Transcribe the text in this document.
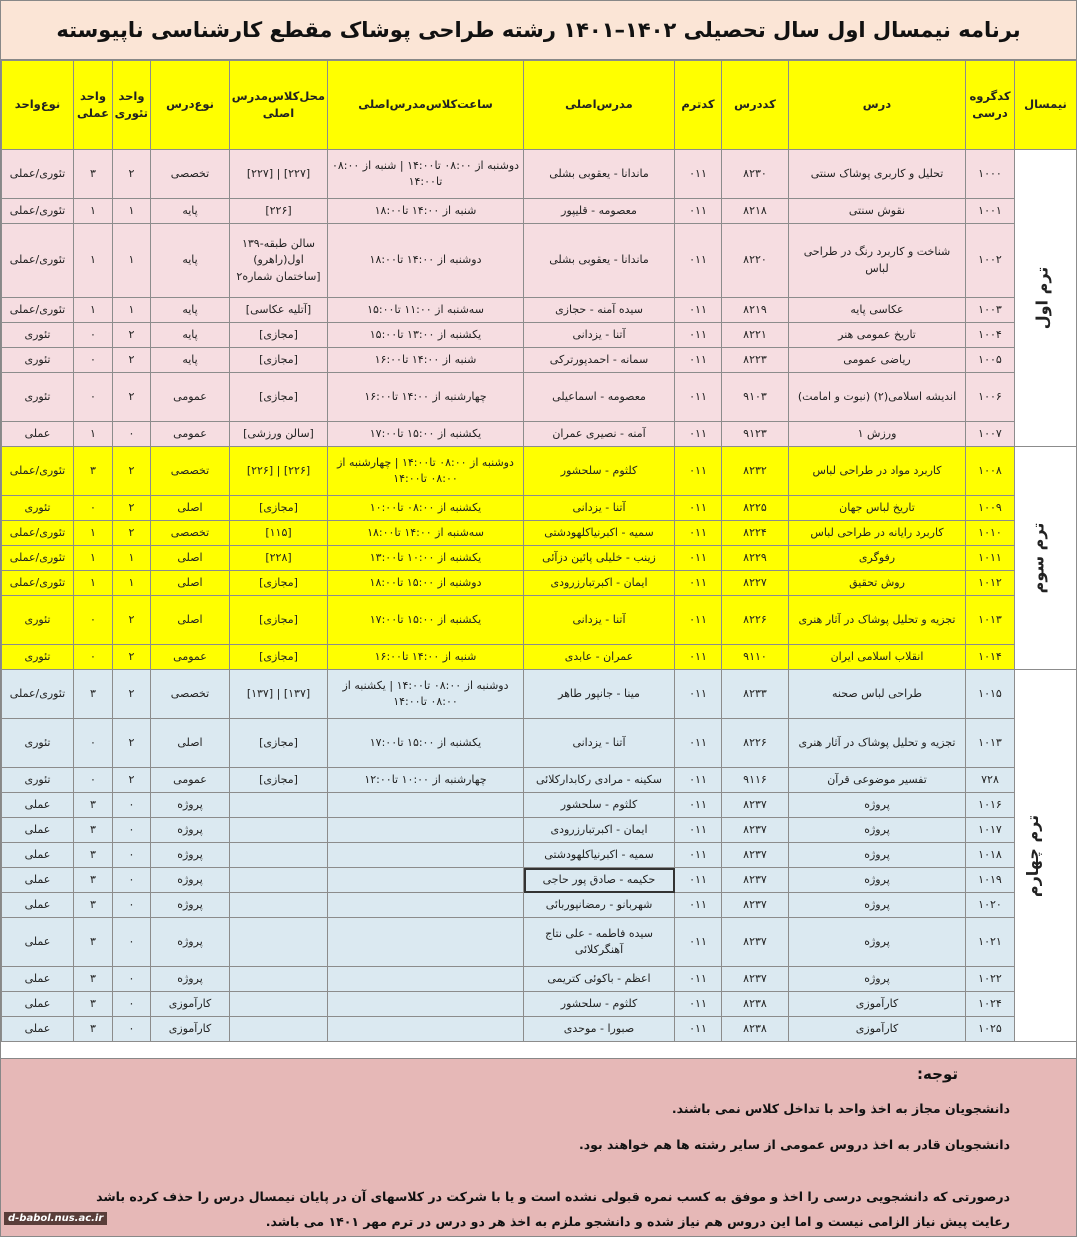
برنامه نیمسال اول سال تحصیلی ۱۴۰۲–۱۴۰۱ رشته طراحی پوشاک مقطع کارشناسی ناپیوسته
نیمسال	کدگروه درسی	درس	کددرس	کدترم	مدرس‌اصلی	ساعت‌کلاس‌مدرس‌اصلی	محل‌کلاس‌مدرس اصلی	نوع‌درس	واحد تئوری	واحد عملی	نوع‌واحد
ترم اول	۱۰۰۰	تحلیل و کاربری پوشاک سنتی	۸۲۳۰	۰۱۱	ماندانا - یعقوبی بشلی	دوشنبه از ۰۸:۰۰ تا۱۴:۰۰ | شنبه از ۰۸:۰۰ تا۱۴:۰۰	[۲۲۷] | [۲۲۷]	تخصصی	۲	۳	تئوری/عملی
	۱۰۰۱	نقوش سنتی	۸۲۱۸	۰۱۱	معصومه - قلیپور	شنبه از ۱۴:۰۰ تا۱۸:۰۰	[۲۲۶]	پایه	۱	۱	تئوری/عملی
	۱۰۰۲	شناخت و کاربرد رنگ در طراحی لباس	۸۲۲۰	۰۱۱	ماندانا - یعقوبی بشلی	دوشنبه از ۱۴:۰۰ تا۱۸:۰۰	سالن طبقه-۱۳۹ اول(راهرو) [ساختمان شماره۲	پایه	۱	۱	تئوری/عملی
	۱۰۰۳	عکاسی پایه	۸۲۱۹	۰۱۱	سیده آمنه - حجازی	سه‌شنبه از ۱۱:۰۰ تا۱۵:۰۰	[آتلیه عکاسی]	پایه	۱	۱	تئوری/عملی
	۱۰۰۴	تاریخ عمومی هنر	۸۲۲۱	۰۱۱	آتنا - یزدانی	یکشنبه از ۱۳:۰۰ تا۱۵:۰۰	[مجازی]	پایه	۲	۰	تئوری
	۱۰۰۵	ریاضی عمومی	۸۲۲۳	۰۱۱	سمانه - احمدپورترکی	شنبه از ۱۴:۰۰ تا۱۶:۰۰	[مجازی]	پایه	۲	۰	تئوری
	۱۰۰۶	اندیشه اسلامی(۲) (نبوت و امامت)	۹۱۰۳	۰۱۱	معصومه - اسماعیلی	چهارشنبه از ۱۴:۰۰ تا۱۶:۰۰	[مجازی]	عمومی	۲	۰	تئوری
	۱۰۰۷	ورزش ۱	۹۱۲۳	۰۱۱	آمنه - نصیری عمران	یکشنبه از ۱۵:۰۰ تا۱۷:۰۰	[سالن ورزشی]	عمومی	۰	۱	عملی
ترم سوم	۱۰۰۸	کاربرد مواد در طراحی لباس	۸۲۳۲	۰۱۱	کلثوم - سلحشور	دوشنبه از ۰۸:۰۰ تا۱۴:۰۰ | چهارشنبه از ۰۸:۰۰ تا۱۴:۰۰	[۲۲۶] | [۲۲۶]	تخصصی	۲	۳	تئوری/عملی
	۱۰۰۹	تاریخ لباس جهان	۸۲۲۵	۰۱۱	آتنا - یزدانی	یکشنبه از ۰۸:۰۰ تا۱۰:۰۰	[مجازی]	اصلی	۲	۰	تئوری
	۱۰۱۰	کاربرد رایانه در طراحی لباس	۸۲۲۴	۰۱۱	سمیه - اکبرنیاکلهودشتی	سه‌شنبه از ۱۴:۰۰ تا۱۸:۰۰	[۱۱۵]	تخصصی	۲	۱	تئوری/عملی
	۱۰۱۱	رفوگری	۸۲۲۹	۰۱۱	زینب - خلیلی پائین دزآئی	یکشنبه از ۱۰:۰۰ تا۱۳:۰۰	[۲۲۸]	اصلی	۱	۱	تئوری/عملی
	۱۰۱۲	روش تحقیق	۸۲۲۷	۰۱۱	ایمان - اکبرتبارزرودی	دوشنبه از ۱۵:۰۰ تا۱۸:۰۰	[مجازی]	اصلی	۱	۱	تئوری/عملی
	۱۰۱۳	تجزیه و تحلیل پوشاک در آثار هنری	۸۲۲۶	۰۱۱	آتنا - یزدانی	یکشنبه از ۱۵:۰۰ تا۱۷:۰۰	[مجازی]	اصلی	۲	۰	تئوری
	۱۰۱۴	انقلاب اسلامی ایران	۹۱۱۰	۰۱۱	عمران - عابدی	شنبه از ۱۴:۰۰ تا۱۶:۰۰	[مجازی]	عمومی	۲	۰	تئوری
ترم چهارم	۱۰۱۵	طراحی لباس صحنه	۸۲۳۳	۰۱۱	مینا - جانپور طاهر	دوشنبه از ۰۸:۰۰ تا۱۴:۰۰ | یکشنبه از ۰۸:۰۰ تا۱۴:۰۰	[۱۳۷] | [۱۳۷]	تخصصی	۲	۳	تئوری/عملی
	۱۰۱۳	تجزیه و تحلیل پوشاک در آثار هنری	۸۲۲۶	۰۱۱	آتنا - یزدانی	یکشنبه از ۱۵:۰۰ تا۱۷:۰۰	[مجازی]	اصلی	۲	۰	تئوری
	۷۲۸	تفسیر موضوعی قرآن	۹۱۱۶	۰۱۱	سکینه - مرادی رکابدارکلائی	چهارشنبه از ۱۰:۰۰ تا۱۲:۰۰	[مجازی]	عمومی	۲	۰	تئوری
	۱۰۱۶	پروژه	۸۲۳۷	۰۱۱	کلثوم - سلحشور			پروژه	۰	۳	عملی
	۱۰۱۷	پروژه	۸۲۳۷	۰۱۱	ایمان - اکبرتبارزرودی			پروژه	۰	۳	عملی
	۱۰۱۸	پروژه	۸۲۳۷	۰۱۱	سمیه - اکبرنیاکلهودشتی			پروژه	۰	۳	عملی
	۱۰۱۹	پروژه	۸۲۳۷	۰۱۱	حکیمه - صادق پور حاجی			پروژه	۰	۳	عملی
	۱۰۲۰	پروژه	۸۲۳۷	۰۱۱	شهربانو - رمضانپوربائی			پروژه	۰	۳	عملی
	۱۰۲۱	پروژه	۸۲۳۷	۰۱۱	سیده فاطمه - علی نتاج آهنگرکلائی			پروژه	۰	۳	عملی
	۱۰۲۲	پروژه	۸۲۳۷	۰۱۱	اعظم - باکوئی کتریمی			پروژه	۰	۳	عملی
	۱۰۲۴	کارآموزی	۸۲۳۸	۰۱۱	کلثوم - سلحشور			کارآموزی	۰	۳	عملی
	۱۰۲۵	کارآموزی	۸۲۳۸	۰۱۱	صبورا - موحدی			کارآموزی	۰	۳	عملی
توجه:
دانشجویان مجاز به اخذ واحد با تداخل کلاس نمی باشند.
دانشجویان قادر به اخذ دروس عمومی از سایر رشته ها هم خواهند بود.
درصورتی که دانشجویی درسی را اخذ و موفق به کسب نمره قبولی نشده است و یا با شرکت در کلاسهای آن در پایان نیمسال درس را حذف کرده باشد رعایت پیش نیاز الزامی نیست و اما این دروس هم نیاز شده و دانشجو ملزم به اخذ هر دو درس در ترم مهر ۱۴۰۱ می باشد.
d-babol.nus.ac.ir
